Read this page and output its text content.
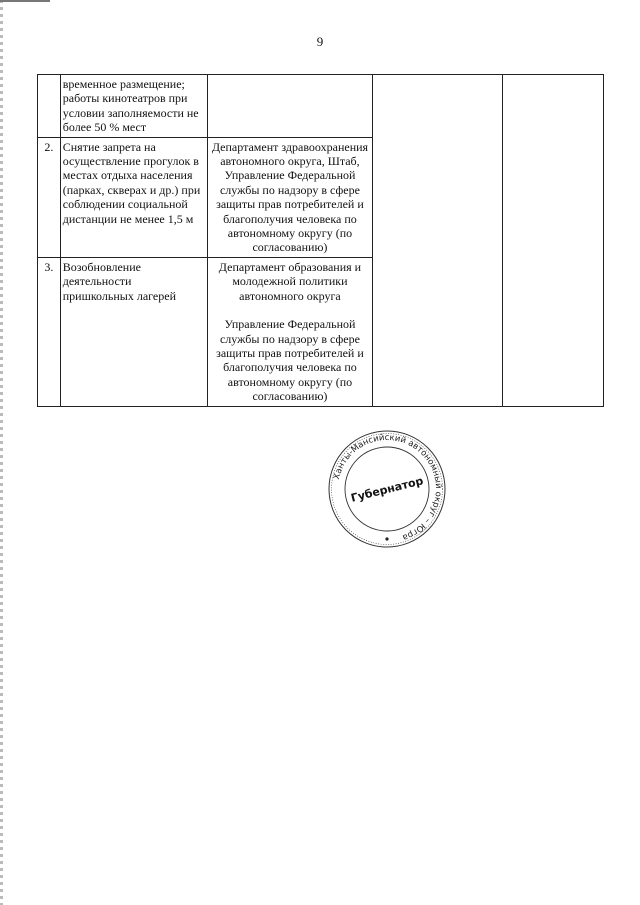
9
	временное размещение; работы кинотеатров при условии заполняемости не более 50 % мест			
2.	Снятие запрета на осуществление прогулок в местах отдыха населения (парках, скверах и др.) при соблюдении социальной дистанции не менее 1,5 м	Департамент здравоохранения автономного округа, Штаб, Управление Федеральной службы по надзору в сфере защиты прав потребителей и благополучия человека по автономному округу (по согласованию)		
3.	Возобновление деятельности пришкольных лагерей	Департамент образования и молодежной политики автономного округа
Управление Федеральной службы по надзору в сфере защиты прав потребителей и благополучия человека по автономному округу (по согласованию)		
Ханты-Мансийский автономный округ – Югра
Губернатор
